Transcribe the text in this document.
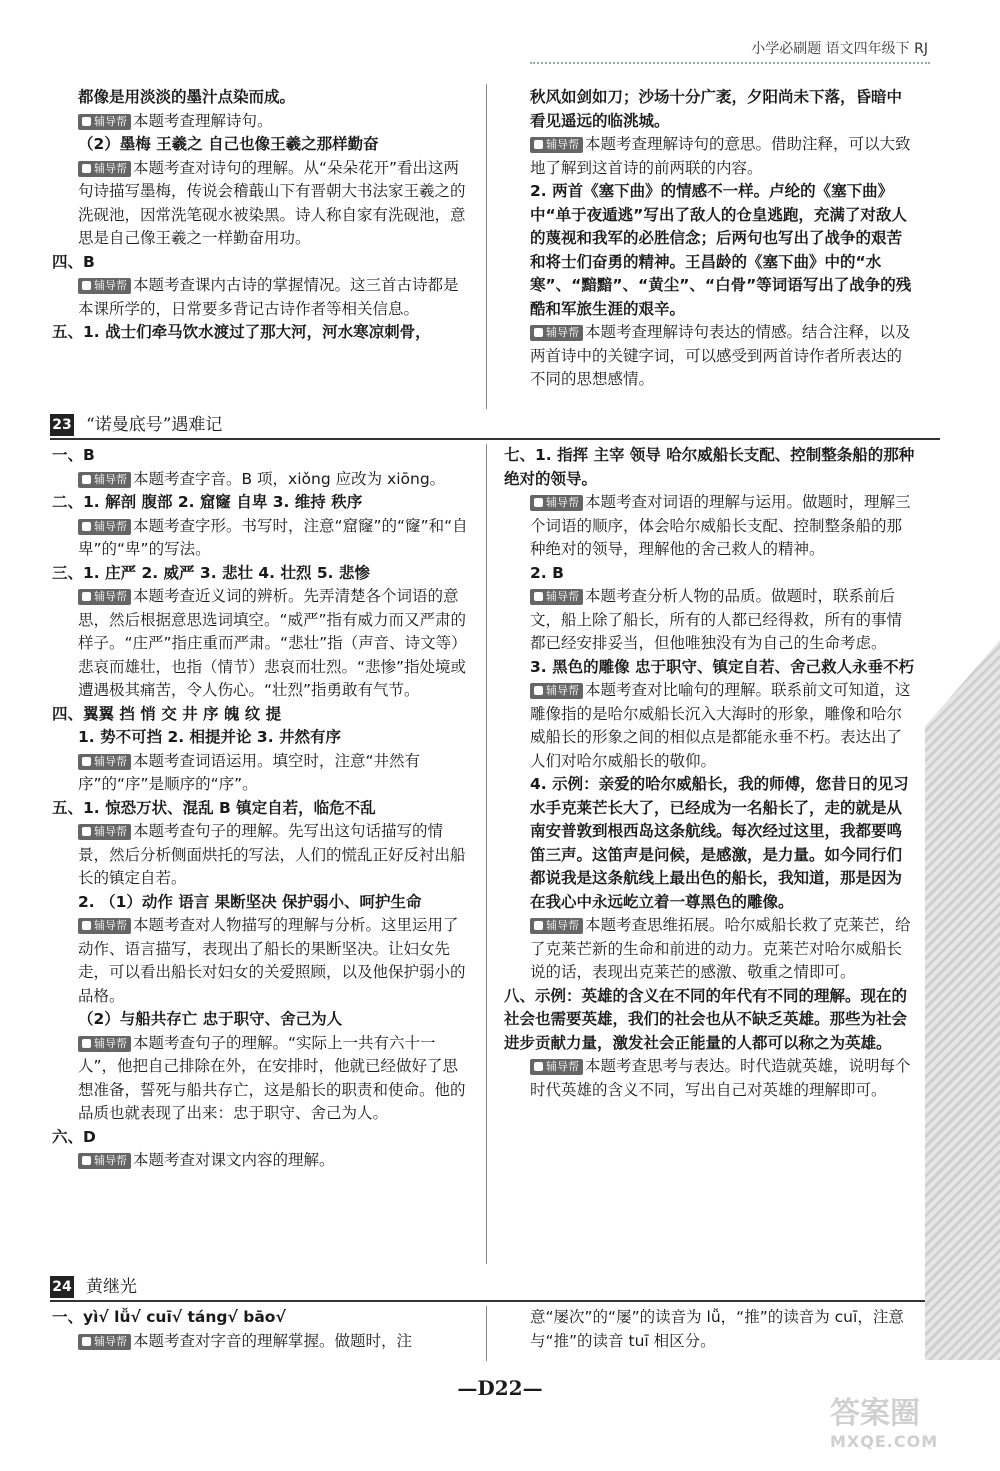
小学必刷题 语文四年级下 RJ

都像是用淡淡的墨汁点染而成。

辅导帮 本题考查理解诗句。

（2）墨梅 王羲之 自己也像王羲之那样勤奋

辅导帮 本题考查对诗句的理解。从“朵朵花开”看出这两句诗描写墨梅，传说会稽蕺山下有晋朝大书法家王羲之的洗砚池，因常洗笔砚水被染黑。诗人称自家有洗砚池，意思是自己像王羲之一样勤奋用功。

四、B

辅导帮 本题考查课内古诗的掌握情况。这三首古诗都是本课所学的，日常要多背记古诗作者等相关信息。

五、1. 战士们牵马饮水渡过了那大河，河水寒凉刺骨，

秋风如剑如刀；沙场十分广袤，夕阳尚未下落，昏暗中看见遥远的临洮城。

辅导帮 本题考查理解诗句的意思。借助注释，可以大致地了解到这首诗的前两联的内容。

2. 两首《塞下曲》的情感不一样。卢纶的《塞下曲》中“单于夜遁逃”写出了敌人的仓皇逃跑，充满了对敌人的蔑视和我军的必胜信念；后两句也写出了战争的艰苦和将士们奋勇的精神。王昌龄的《塞下曲》中的“水寒”、“黯黯”、“黄尘”、“白骨”等词语写出了战争的残酷和军旅生涯的艰辛。

辅导帮 本题考查理解诗句表达的情感。结合注释，以及两首诗中的关键字词，可以感受到两首诗作者所表达的不同的思想感情。

23 “诺曼底号”遇难记

一、B

辅导帮 本题考查字音。B 项，xiǒng 应改为 xiōng。

二、1. 解剖 腹部 2. 窟窿 自卑 3. 维持 秩序

辅导帮 本题考查字形。书写时，注意“窟窿”的“窿”和“自卑”的“卑”的写法。

三、1. 庄严 2. 威严 3. 悲壮 4. 壮烈 5. 悲惨

辅导帮 本题考查近义词的辨析。先弄清楚各个词语的意思，然后根据意思选词填空。“威严”指有威力而又严肃的样子。“庄严”指庄重而严肃。“悲壮”指（声音、诗文等）悲哀而雄壮，也指（情节）悲哀而壮烈。“悲惨”指处境或遭遇极其痛苦，令人伤心。“壮烈”指勇敢有气节。

四、翼翼 挡 悄 交 井 序 魄 纹 提

1. 势不可挡 2. 相提并论 3. 井然有序

辅导帮 本题考查词语运用。填空时，注意“井然有序”的“序”是顺序的“序”。

五、1. 惊恐万状、混乱 B 镇定自若，临危不乱

辅导帮 本题考查句子的理解。先写出这句话描写的情景，然后分析侧面烘托的写法，人们的慌乱正好反衬出船长的镇定自若。

2. （1）动作 语言 果断坚决 保护弱小、呵护生命

辅导帮 本题考查对人物描写的理解与分析。这里运用了动作、语言描写，表现出了船长的果断坚决。让妇女先走，可以看出船长对妇女的关爱照顾，以及他保护弱小的品格。

（2）与船共存亡 忠于职守、舍己为人

辅导帮 本题考查句子的理解。“实际上一共有六十一人”，他把自己排除在外，在安排时，他就已经做好了思想准备，誓死与船共存亡，这是船长的职责和使命。他的品质也就表现了出来：忠于职守、舍己为人。

六、D

辅导帮 本题考查对课文内容的理解。

七、1. 指挥 主宰 领导 哈尔威船长支配、控制整条船的那种绝对的领导。

辅导帮 本题考查对词语的理解与运用。做题时，理解三个词语的顺序，体会哈尔威船长支配、控制整条船的那种绝对的领导，理解他的舍己救人的精神。

2. B

辅导帮 本题考查分析人物的品质。做题时，联系前后文，船上除了船长，所有的人都已经得救，所有的事情都已经安排妥当，但他唯独没有为自己的生命考虑。

3. 黑色的雕像 忠于职守、镇定自若、舍己救人永垂不朽

辅导帮 本题考查对比喻句的理解。联系前文可知道，这雕像指的是哈尔威船长沉入大海时的形象，雕像和哈尔威船长的形象之间的相似点是都能永垂不朽。表达出了人们对哈尔威船长的敬仰。

4. 示例：亲爱的哈尔威船长，我的师傅，您昔日的见习水手克莱芒长大了，已经成为一名船长了，走的就是从南安普敦到根西岛这条航线。每次经过这里，我都要鸣笛三声。这笛声是问候，是感激，是力量。如今同行们都说我是这条航线上最出色的船长，我知道，那是因为在我心中永远屹立着一尊黑色的雕像。

辅导帮 本题考查思维拓展。哈尔威船长救了克莱芒，给了克莱芒新的生命和前进的动力。克莱芒对哈尔威船长说的话，表现出克莱芒的感激、敬重之情即可。

八、示例：英雄的含义在不同的年代有不同的理解。现在的社会也需要英雄，我们的社会也从不缺乏英雄。那些为社会进步贡献力量，激发社会正能量的人都可以称之为英雄。

辅导帮 本题考查思考与表达。时代造就英雄，说明每个时代英雄的含义不同，写出自己对英雄的理解即可。

24 黄继光

一、yì√ lǚ√ cuī√ táng√ bāo√

辅导帮 本题考查对字音的理解掌握。做题时，注

意“屡次”的“屡”的读音为 lǚ，“推”的读音为 cuī，注意与“推”的读音 tuī 相区分。

—D22—
答案圈
MXQE.COM
